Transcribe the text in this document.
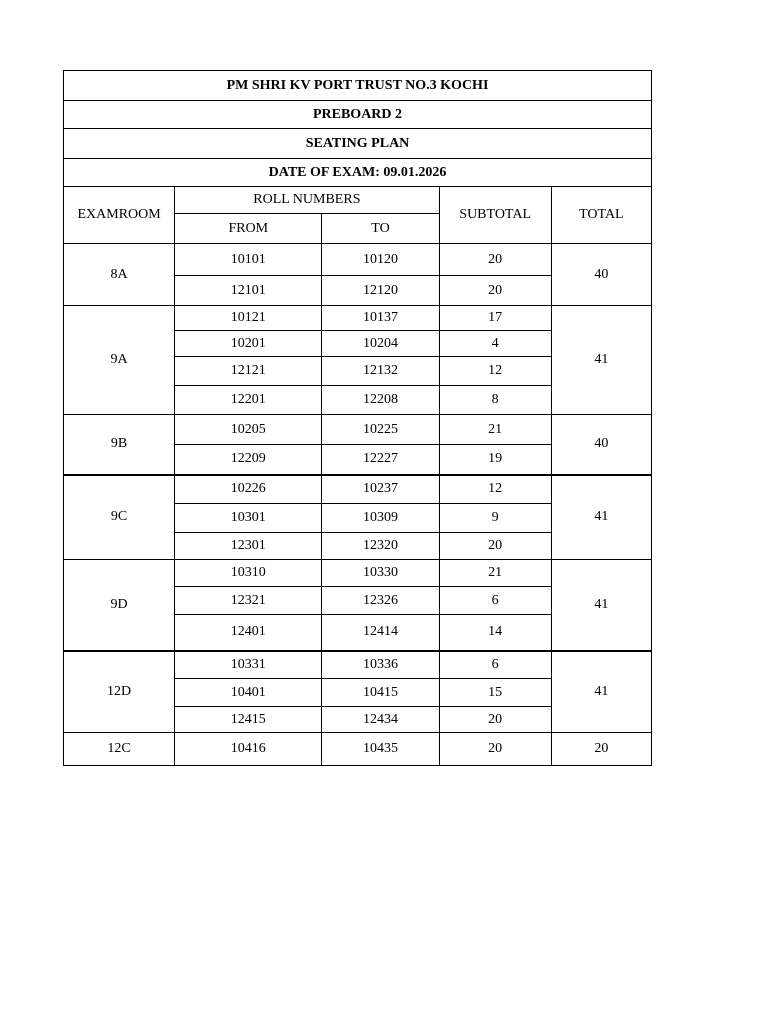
PM SHRI KV PORT TRUST NO.3 KOCHI				
PREBOARD 2				
SEATING PLAN				
DATE OF EXAM: 09.01.2026				
EXAMROOM	ROLL NUMBERS		SUBTOTAL	TOTAL
	FROM	TO		
8A	10101	10120	20	40
	12101	12120	20	
9A	10121	10137	17	41
	10201	10204	4	
	12121	12132	12	
	12201	12208	8	
9B	10205	10225	21	40
	12209	12227	19	
9C	10226	10237	12	41
	10301	10309	9	
	12301	12320	20	
9D	10310	10330	21	41
	12321	12326	6	
	12401	12414	14	
12D	10331	10336	6	41
	10401	10415	15	
	12415	12434	20	
12C	10416	10435	20	20
